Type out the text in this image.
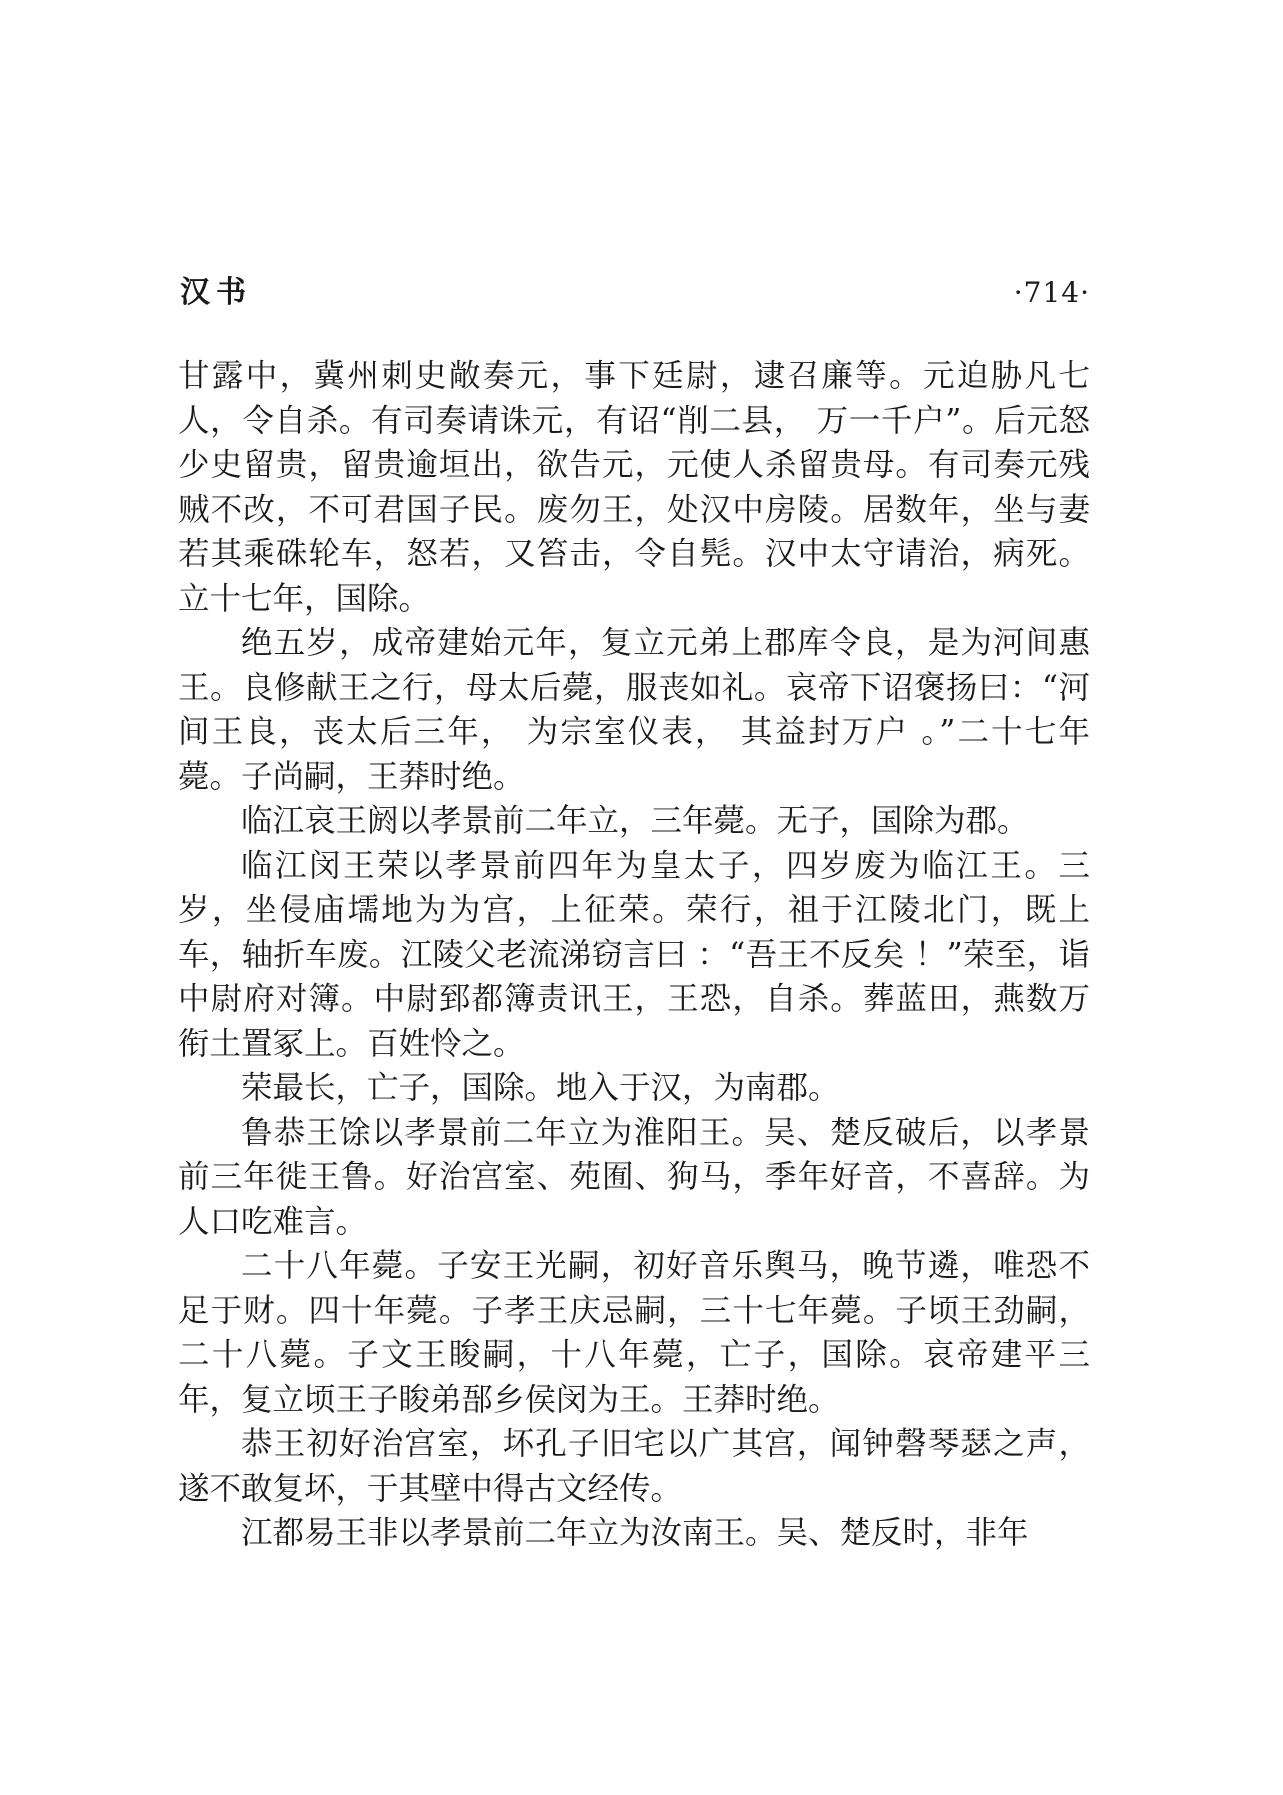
汉书	·714·

甘露中，冀州刺史敞奏元，事下廷尉，逮召廉等。元迫胁凡七人，令自杀。有司奏请诛元，有诏“削二县， 万一千户”。后元怒少史留贵，留贵逾垣出，欲告元，元使人杀留贵母。有司奏元残贼不改，不可君国子民。废勿王，处汉中房陵。居数年，坐与妻若其乘硃轮车，怒若，又笞击，令自髡。汉中太守请治，病死。立十七年，国除。

绝五岁，成帝建始元年，复立元弟上郡库令良，是为河间惠王。良修献王之行，母太后薨，服丧如礼。哀帝下诏褒扬曰：“河间王良，丧太后三年， 为宗室仪表， 其益封万户 。”二十七年薨。子尚嗣，王莽时绝。

临江哀王阏以孝景前二年立，三年薨。无子，国除为郡。

临江闵王荣以孝景前四年为皇太子，四岁废为临江王。三岁，坐侵庙壖地为为宫，上征荣。荣行，祖于江陵北门，既上车，轴折车废。江陵父老流涕窃言曰 ：“吾王不反矣 ！”荣至，诣中尉府对簿。中尉郅都簿责讯王，王恐，自杀。葬蓝田，燕数万衔土置冢上。百姓怜之。

荣最长，亡子，国除。地入于汉，为南郡。

鲁恭王馀以孝景前二年立为淮阳王。吴、楚反破后，以孝景前三年徙王鲁。好治宫室、苑囿、狗马，季年好音，不喜辞。为人口吃难言。

二十八年薨。子安王光嗣，初好音乐舆马，晚节遴，唯恐不足于财。四十年薨。子孝王庆忌嗣，三十七年薨。子顷王劲嗣，二十八薨。子文王睃嗣，十八年薨，亡子，国除。哀帝建平三年，复立顷王子睃弟郚乡侯闵为王。王莽时绝。

恭王初好治宫室，坏孔子旧宅以广其宫，闻钟磬琴瑟之声，遂不敢复坏，于其壁中得古文经传。

江都易王非以孝景前二年立为汝南王。吴、楚反时，非年
